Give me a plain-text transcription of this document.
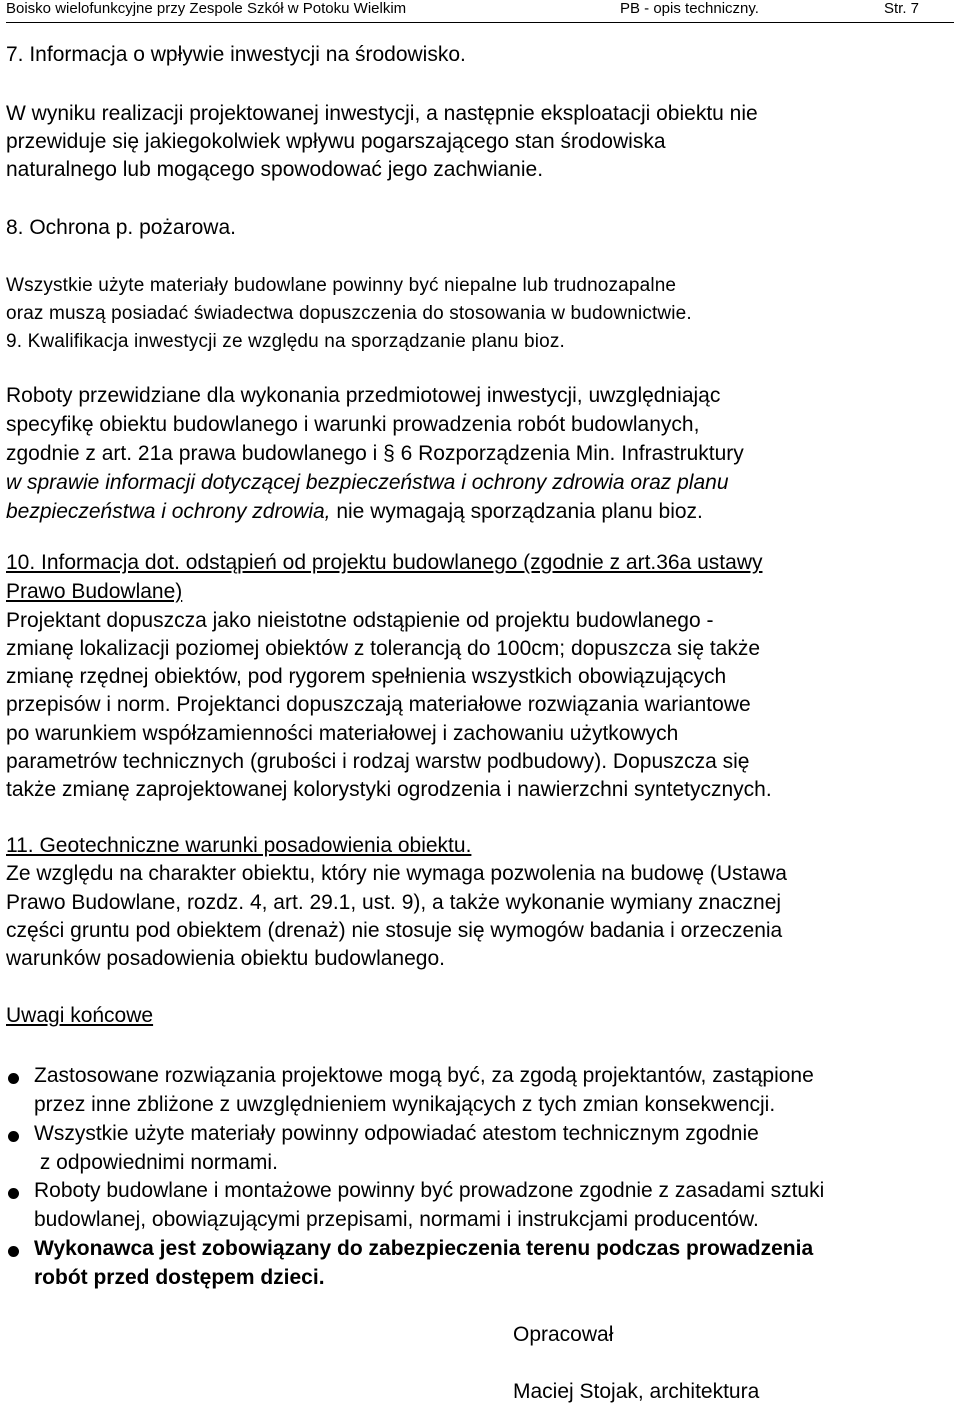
Boisko wielofunkcyjne przy Zespole Szkół w Potoku Wielkim	PB - opis techniczny.	Str. 7
7. Informacja o wpływie inwestycji na środowisko.
W wyniku realizacji projektowanej inwestycji, a następnie eksploatacji obiektu nie
przewiduje się jakiegokolwiek wpływu pogarszającego stan środowiska
naturalnego lub mogącego spowodować jego zachwianie.
8. Ochrona p. pożarowa.
Wszystkie użyte materiały budowlane powinny być niepalne lub trudnozapalne
oraz muszą posiadać świadectwa dopuszczenia do stosowania w budownictwie.
9. Kwalifikacja inwestycji ze względu na sporządzanie planu bioz.
Roboty przewidziane dla wykonania przedmiotowej inwestycji, uwzględniając
specyfikę obiektu budowlanego i warunki prowadzenia robót budowlanych,
zgodnie z art. 21a prawa budowlanego i § 6 Rozporządzenia Min. Infrastruktury
w sprawie informacji dotyczącej bezpieczeństwa i ochrony zdrowia oraz planu
bezpieczeństwa i ochrony zdrowia, nie wymagają sporządzania planu bioz.
10. Informacja dot. odstąpień od projektu budowlanego (zgodnie z art.36a ustawy
Prawo Budowlane)
Projektant dopuszcza jako nieistotne odstąpienie od projektu budowlanego -
zmianę lokalizacji poziomej obiektów z tolerancją do 100cm; dopuszcza się także
zmianę rzędnej obiektów, pod rygorem spełnienia wszystkich obowiązujących
przepisów i norm. Projektanci dopuszczają materiałowe rozwiązania wariantowe
po warunkiem współzamienności materiałowej i zachowaniu użytkowych
parametrów technicznych (grubości i rodzaj warstw podbudowy). Dopuszcza się
także zmianę zaprojektowanej kolorystyki ogrodzenia i nawierzchni syntetycznych.
11. Geotechniczne warunki posadowienia obiektu.
Ze względu na charakter obiektu, który nie wymaga pozwolenia na budowę (Ustawa
Prawo Budowlane, rozdz. 4, art. 29.1, ust. 9), a także wykonanie wymiany znacznej
części gruntu pod obiektem (drenaż) nie stosuje się wymogów badania i orzeczenia
warunków posadowienia obiektu budowlanego.
Uwagi końcowe
Zastosowane rozwiązania projektowe mogą być, za zgodą projektantów, zastąpione
przez inne zbliżone z uwzględnieniem wynikających z tych zmian konsekwencji.
Wszystkie użyte materiały powinny odpowiadać atestom technicznym zgodnie
z odpowiednimi normami.
Roboty budowlane i montażowe powinny być prowadzone zgodnie z zasadami sztuki
budowlanej, obowiązującymi przepisami, normami i instrukcjami producentów.
Wykonawca jest zobowiązany do zabezpieczenia terenu podczas prowadzenia
robót przed dostępem dzieci.
Opracował
Maciej Stojak, architektura
